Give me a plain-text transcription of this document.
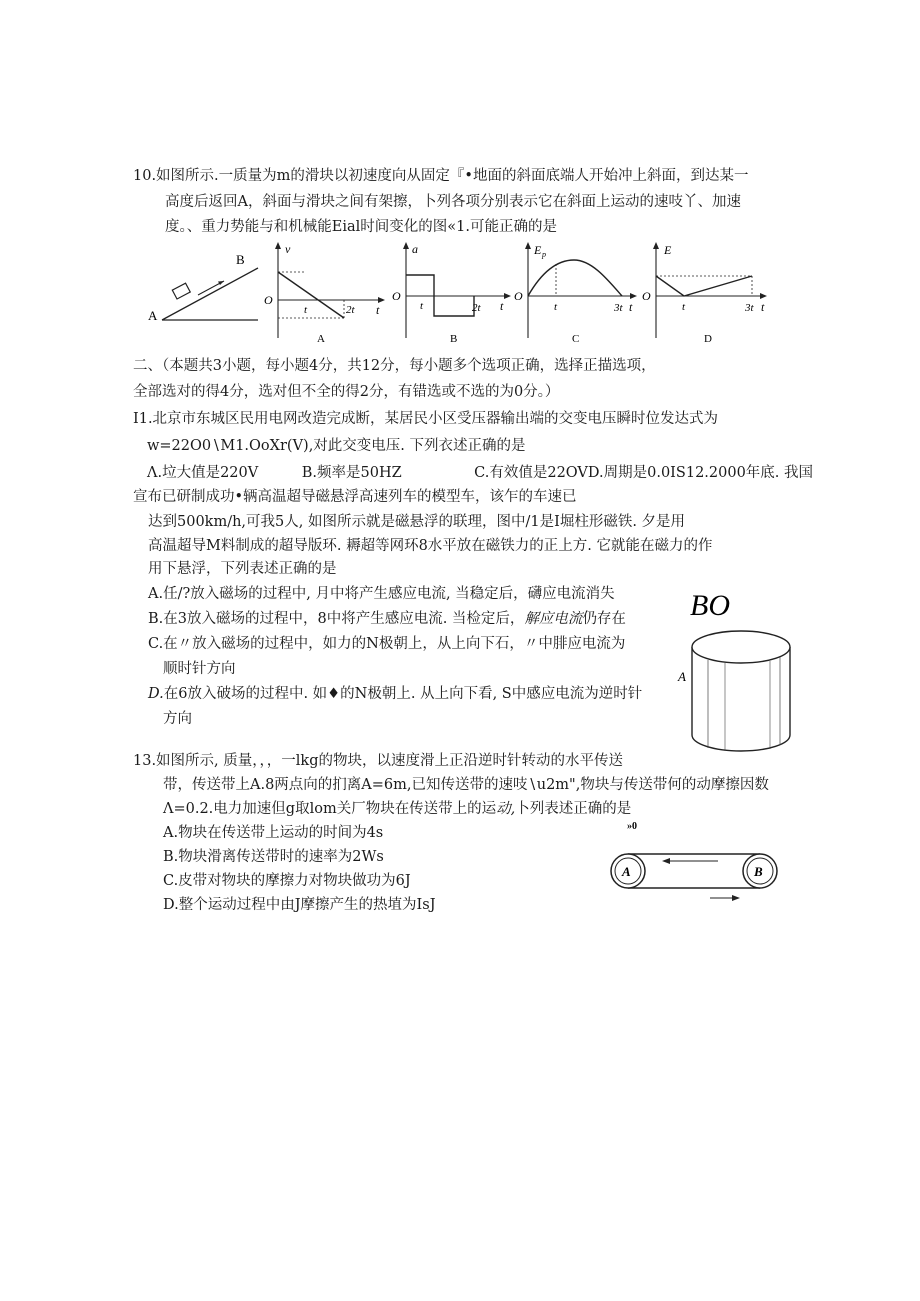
10.如图所示.一质量为m的滑块以初速度向从固定『•地面的斜面底端人开始冲上斜面，到达某一
高度后返回A，斜面与滑块之间有架擦，卜列各项分别表示它在斜面上运动的速吱丫、加速
度。、重力势能与和机械能Eial时间变化的图«1.可能正确的是
A
B
v
O
t	2t t
A
a
O
t	2t t
B
E p
O
t	3t t
C
E
O
t	3t t
D
二、（本题共3小题，每小题4分，共12分，每小题多个选项正确，选择正描选项，
全部选对的得4分，选对但不全的得2分，有错选或不选的为0分。）
I1.北京市东城区民用电网改造完成断，某居民小区受压器输出端的交变电压瞬时位发达式为
w=22O0∖M1.OoXr(V),对此交变电压. 下列衣述正确的是
Λ.垃大值是220V　　　B.频率是50HZ　　　　　C.有效值是22OVD.周期是0.0IS12.2000年底. 我国
宣布已研制成功•辆高温超导磁悬浮高速列车的模型车，该乍的车速已
达到500km∕h,可我5人, 如图所示就是磁悬浮的联理，图中/1是I堀柱形磁铁. 夕是用
高温超导M料制成的超导版环. 耨超等网环8水平放在磁铁力的正上方. 它就能在磁力的作
用下悬浮，下列表述正确的是
A.任/?放入磁场的过程中, 月中将产生感应电流, 当稳定后，礴应电流消失
B.在3放入磁场的过程中，8中将产生感应电流. 当检定后，解应电流仍存在
C.在〃放入磁场的过程中，如力的N极朝上，从上向下石，〃中腓应电流为
顺时针方向
D.在6放入破场的过程中. 如♦的N极朝上. 从上向下看, S中感应电流为逆时针
方向
BO
A
13.如图所示, 质量，，，一lkg的物块，以速度滑上正沿逆时针转动的水平传送
带，传送带上A.8两点向的扪离A=6m,已知传送带的速吱∖u2m",物块与传送带何的动摩擦因数
Λ=0.2.电力加速但g取lom关厂物块在传送带上的运动,卜列表述正确的是
A.物块在传送带上运动的时间为4s
B.物块滑离传送带时的速率为2Ws
C.皮带对物块的摩擦力对物块做功为6J
D.整个运动过程中由J摩擦产生的热埴为IsJ
»0
A	B
